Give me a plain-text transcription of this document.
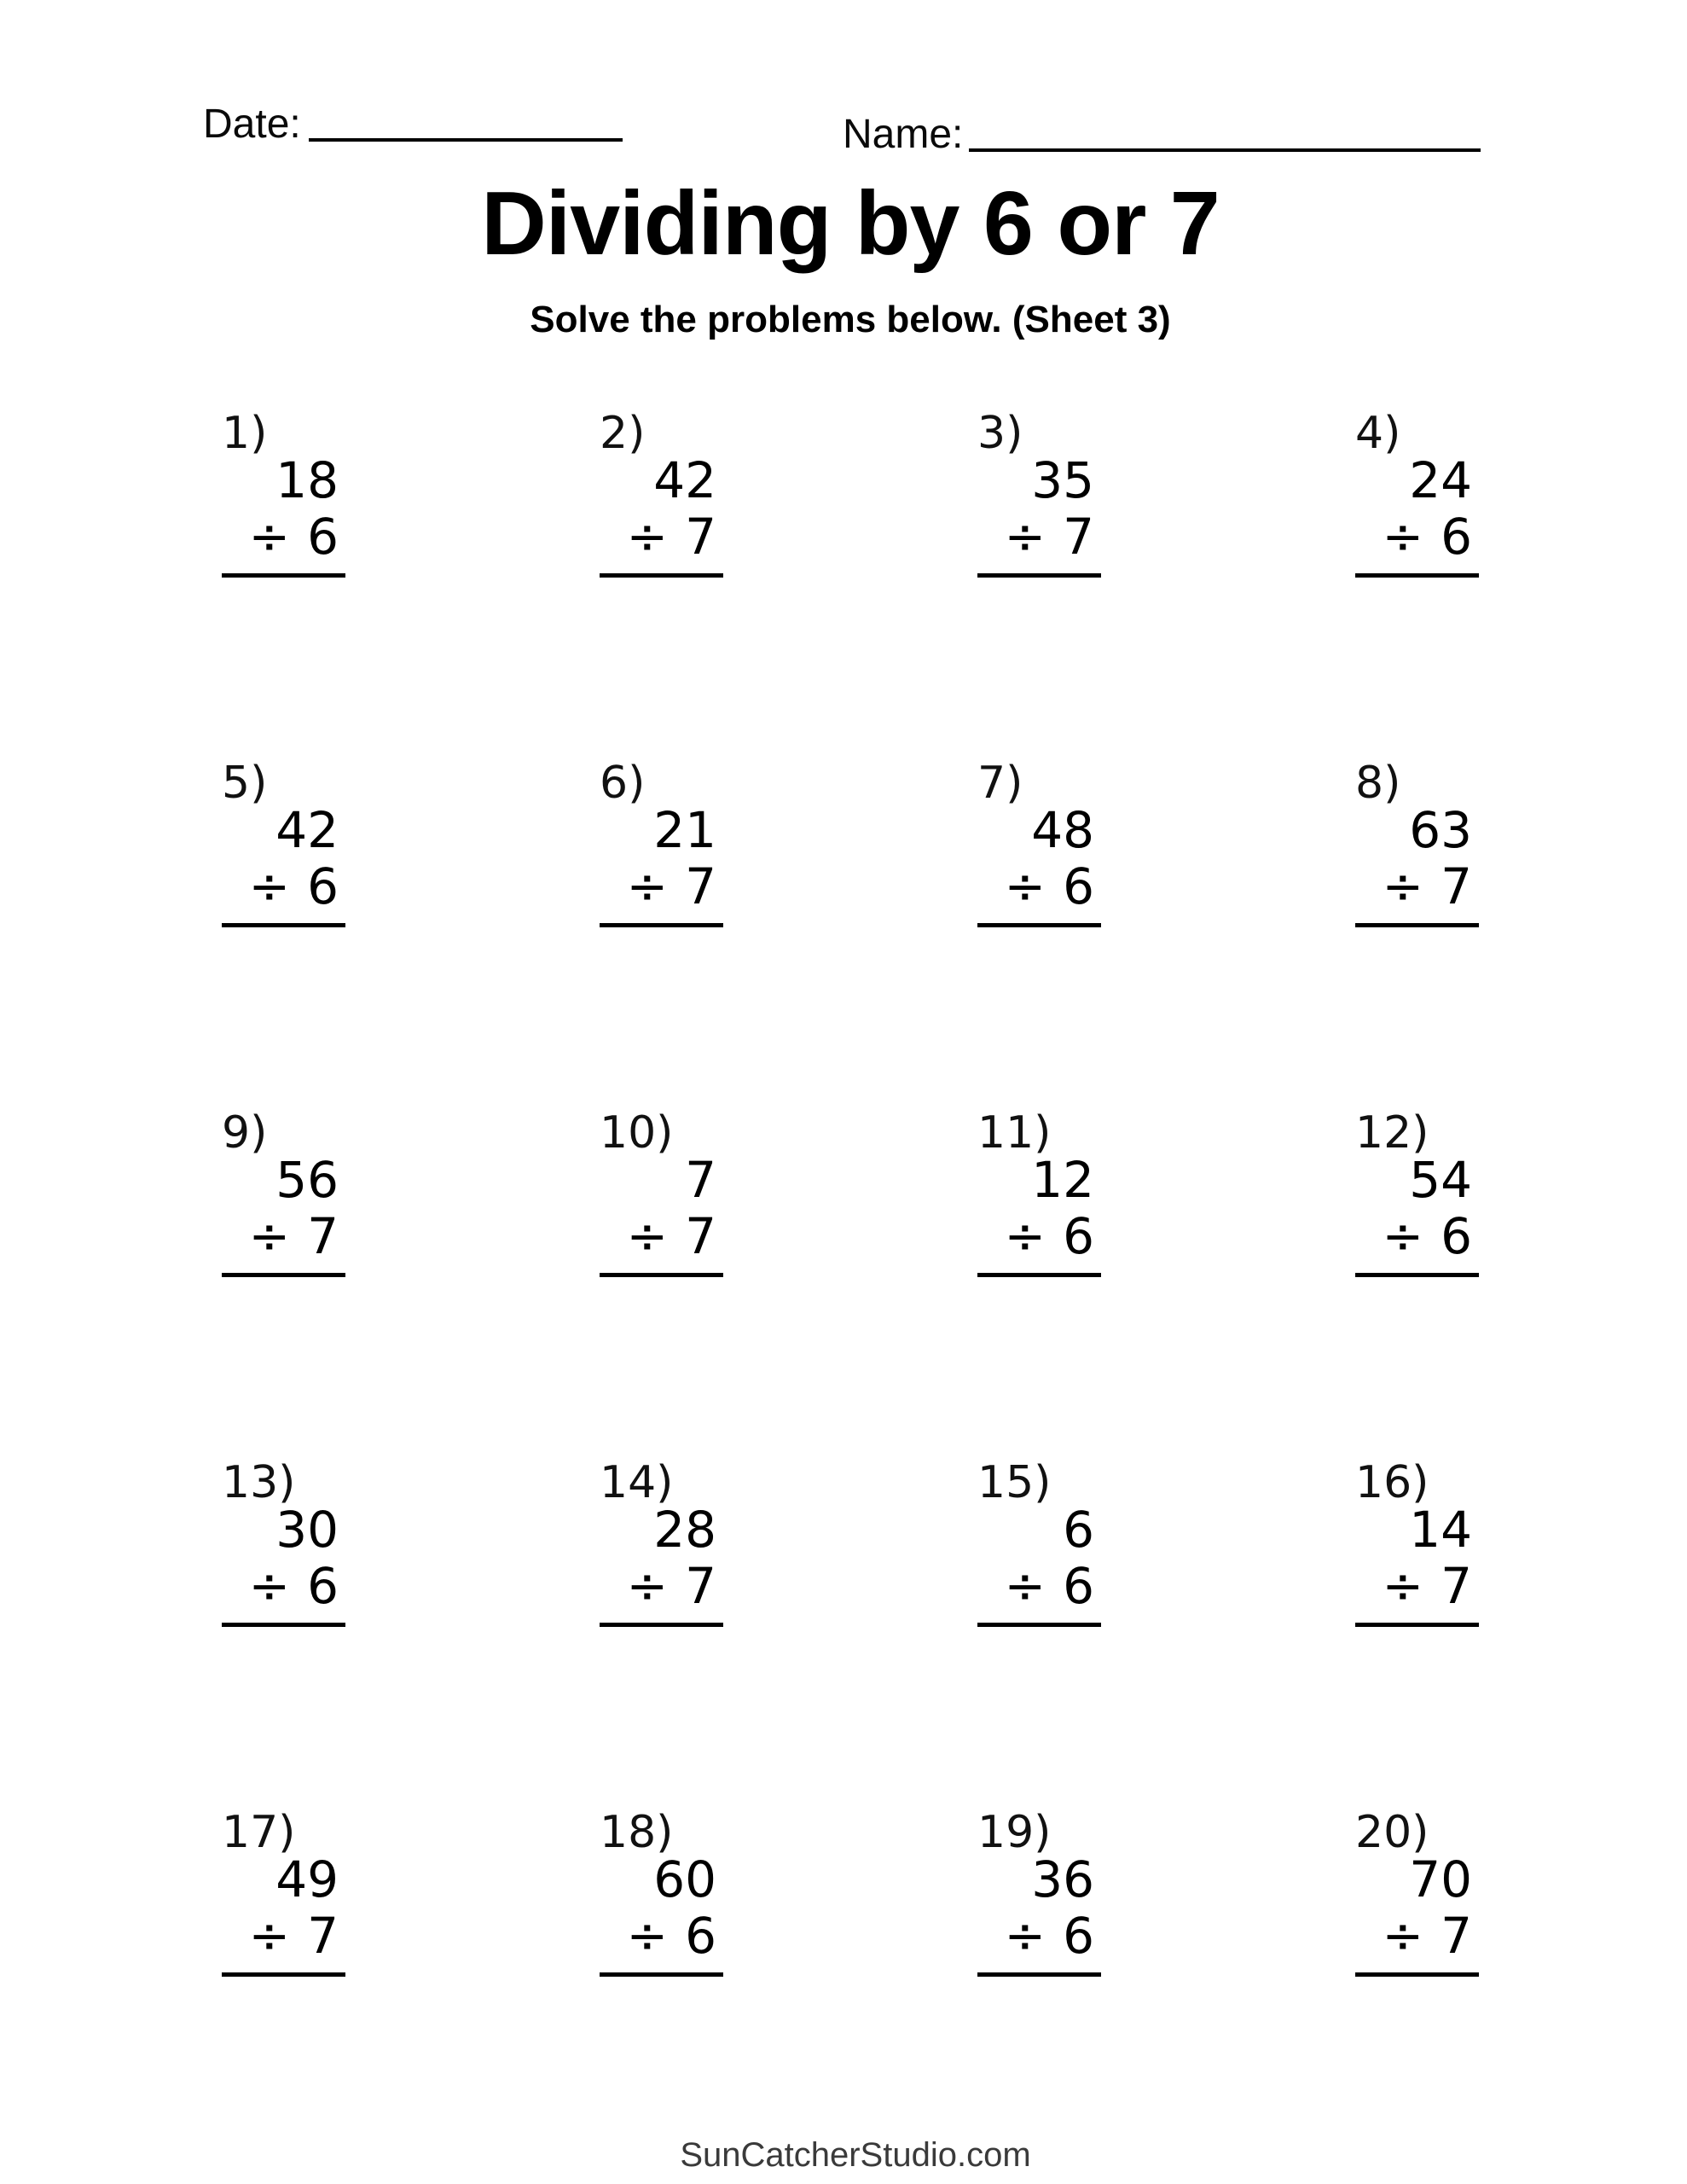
Date:	Name:
Dividing by 6 or 7
Solve the problems below. (Sheet 3)
1)
18
÷ 6
2)
42
÷ 7
3)
35
÷ 7
4)
24
÷ 6
5)
42
÷ 6
6)
21
÷ 7
7)
48
÷ 6
8)
63
÷ 7
9)
56
÷ 7
10)
7
÷ 7
11)
12
÷ 6
12)
54
÷ 6
13)
30
÷ 6
14)
28
÷ 7
15)
6
÷ 6
16)
14
÷ 7
17)
49
÷ 7
18)
60
÷ 6
19)
36
÷ 6
20)
70
÷ 7
SunCatcherStudio.com
